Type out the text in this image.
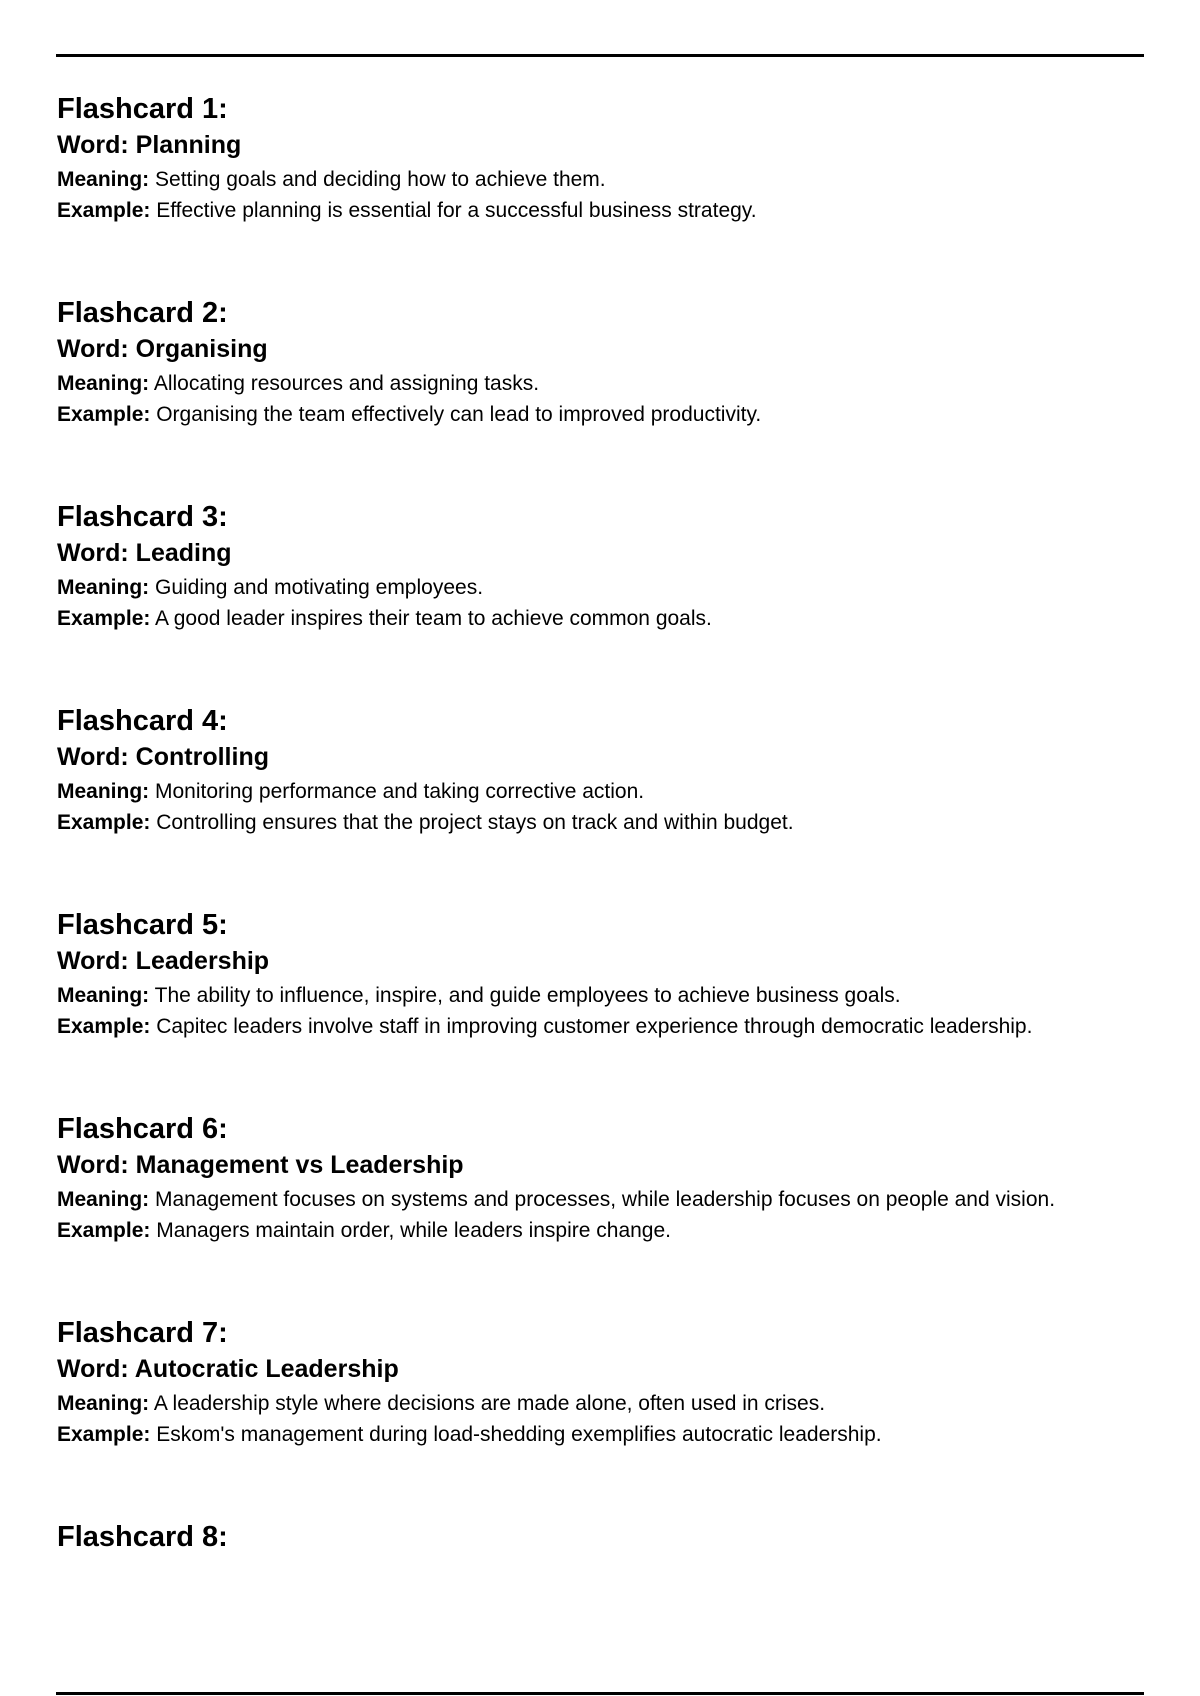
Flashcard 1:

Word: Planning

Meaning: Setting goals and deciding how to achieve them.

Example: Effective planning is essential for a successful business strategy.

Flashcard 2:

Word: Organising

Meaning: Allocating resources and assigning tasks.

Example: Organising the team effectively can lead to improved productivity.

Flashcard 3:

Word: Leading

Meaning: Guiding and motivating employees.

Example: A good leader inspires their team to achieve common goals.

Flashcard 4:

Word: Controlling

Meaning: Monitoring performance and taking corrective action.

Example: Controlling ensures that the project stays on track and within budget.

Flashcard 5:

Word: Leadership

Meaning: The ability to influence, inspire, and guide employees to achieve business goals.

Example: Capitec leaders involve staff in improving customer experience through democratic leadership.

Flashcard 6:

Word: Management vs Leadership

Meaning: Management focuses on systems and processes, while leadership focuses on people and vision.

Example: Managers maintain order, while leaders inspire change.

Flashcard 7:

Word: Autocratic Leadership

Meaning: A leadership style where decisions are made alone, often used in crises.

Example: Eskom's management during load-shedding exemplifies autocratic leadership.

Flashcard 8:
